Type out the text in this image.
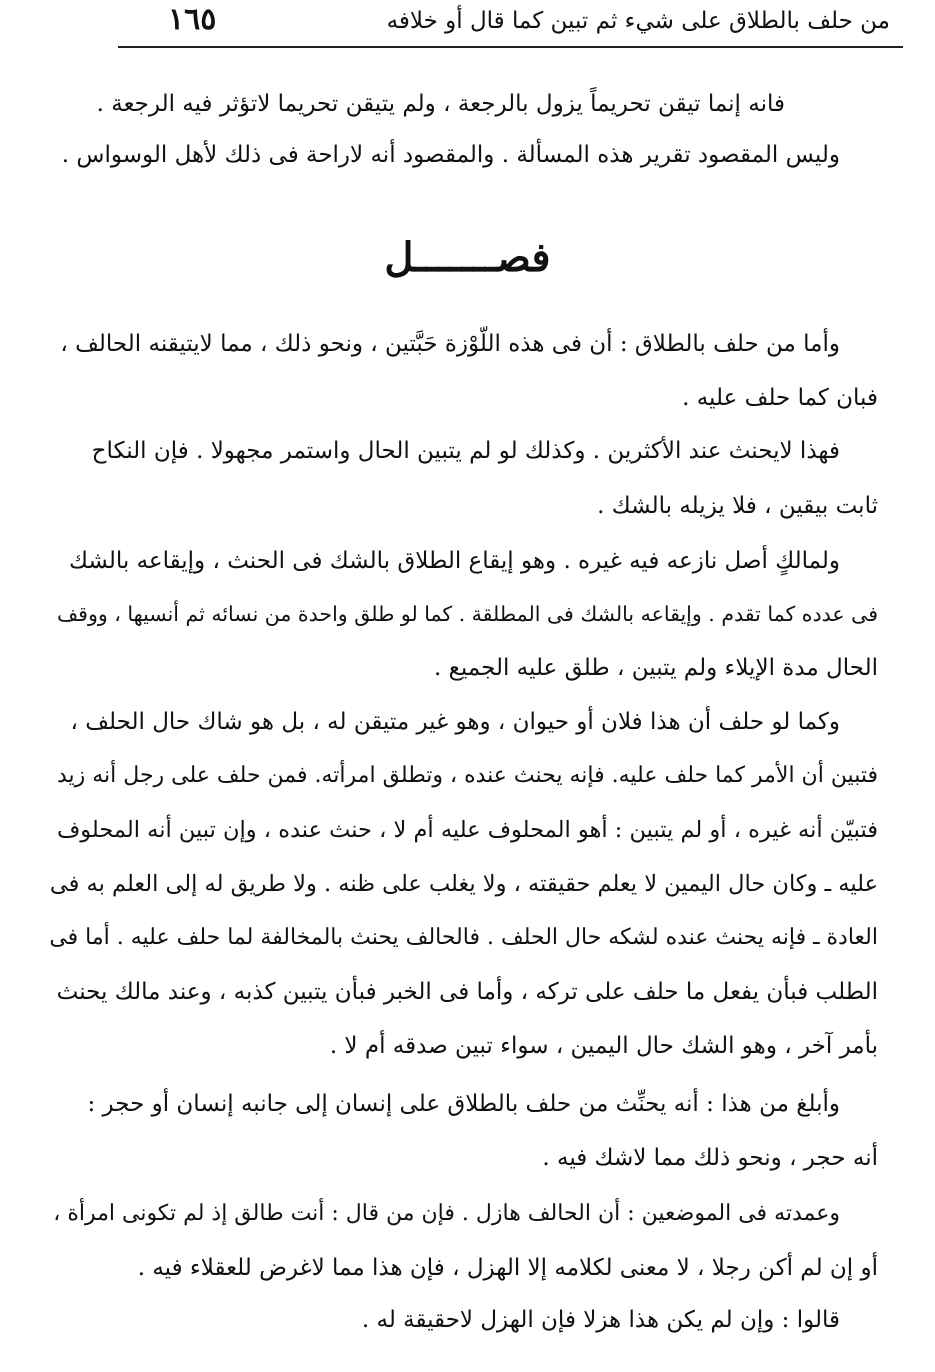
من حلف بالطلاق على شيء ثم تبين كما قال أو خلافه
١٦٥
فانه إنما تيقن تحريماً يزول بالرجعة ، ولم يتيقن تحريما لاتؤثر فيه الرجعة .
وليس المقصود تقرير هذه المسألة . والمقصود أنه لاراحة فى ذلك لأهل الوسواس .
فصـــــــل
وأما من حلف بالطلاق : أن فى هذه اللّوْزة حَبَّتين ، ونحو ذلك ، مما لايتيقنه الحالف ،
فبان كما حلف عليه .
فهذا لايحنث عند الأكثرين . وكذلك لو لم يتبين الحال واستمر مجهولا . فإن النكاح
ثابت بيقين ، فلا يزيله بالشك .
ولمالكٍ أصل نازعه فيه غيره . وهو إيقاع الطلاق بالشك فى الحنث ، وإيقاعه بالشك
فى عدده كما تقدم . وإيقاعه بالشك فى المطلقة . كما لو طلق واحدة من نسائه ثم أنسيها ، ووقف
الحال مدة الإيلاء ولم يتبين ، طلق عليه الجميع .
وكما لو حلف أن هذا فلان أو حيوان ، وهو غير متيقن له ، بل هو شاك حال الحلف ،
فتبين أن الأمر كما حلف عليه. فإنه يحنث عنده ، وتطلق امرأته. فمن حلف على رجل أنه زيد
فتبيّن أنه غيره ، أو لم يتبين : أهو المحلوف عليه أم لا ، حنث عنده ، وإن تبين أنه المحلوف
عليه ـ وكان حال اليمين لا يعلم حقيقته ، ولا يغلب على ظنه . ولا طريق له إلى العلم به فى
العادة ـ فإنه يحنث عنده لشكه حال الحلف . فالحالف يحنث بالمخالفة لما حلف عليه . أما فى
الطلب فبأن يفعل ما حلف على تركه ، وأما فى الخبر فبأن يتبين كذبه ، وعند مالك يحنث
بأمر آخر ، وهو الشك حال اليمين ، سواء تبين صدقه أم لا .
وأبلغ من هذا : أنه يحنِّث من حلف بالطلاق على إنسان إلى جانبه إنسان أو حجر :
أنه حجر ، ونحو ذلك مما لاشك فيه .
وعمدته فى الموضعين : أن الحالف هازل . فإن من قال : أنت طالق إذ لم تكونى امرأة ،
أو إن لم أكن رجلا ، لا معنى لكلامه إلا الهزل ، فإن هذا مما لاغرض للعقلاء فيه .
قالوا : وإن لم يكن هذا هزلا فإن الهزل لاحقيقة له .
